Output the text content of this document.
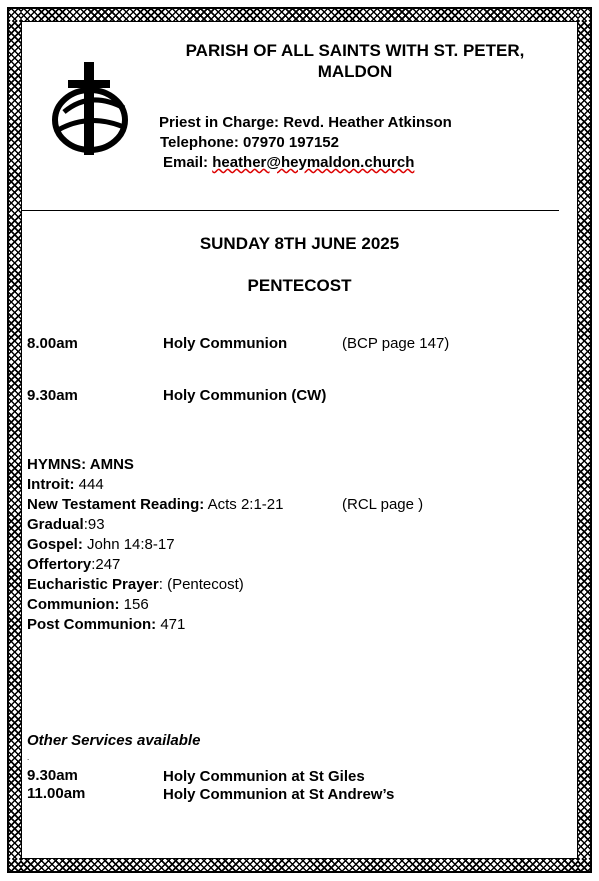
PARISH OF ALL SAINTS WITH ST. PETER,
MALDON
Priest in Charge: Revd. Heather Atkinson
Telephone: 07970 197152
Email: heather@heymaldon.church
SUNDAY 8TH JUNE 2025
PENTECOST
8.00am	Holy Communion	(BCP page 147)
9.30am	Holy Communion (CW)
HYMNS: AMNS
Introit: 444
New Testament Reading: Acts 2:1-21	(RCL page )
Gradual:93
Gospel: John 14:8-17
Offertory:247
Eucharistic Prayer: (Pentecost)
Communion: 156
Post Communion: 471
Other Services available
.
9.30am	Holy Communion at St Giles
11.00am	Holy Communion at St Andrew’s
